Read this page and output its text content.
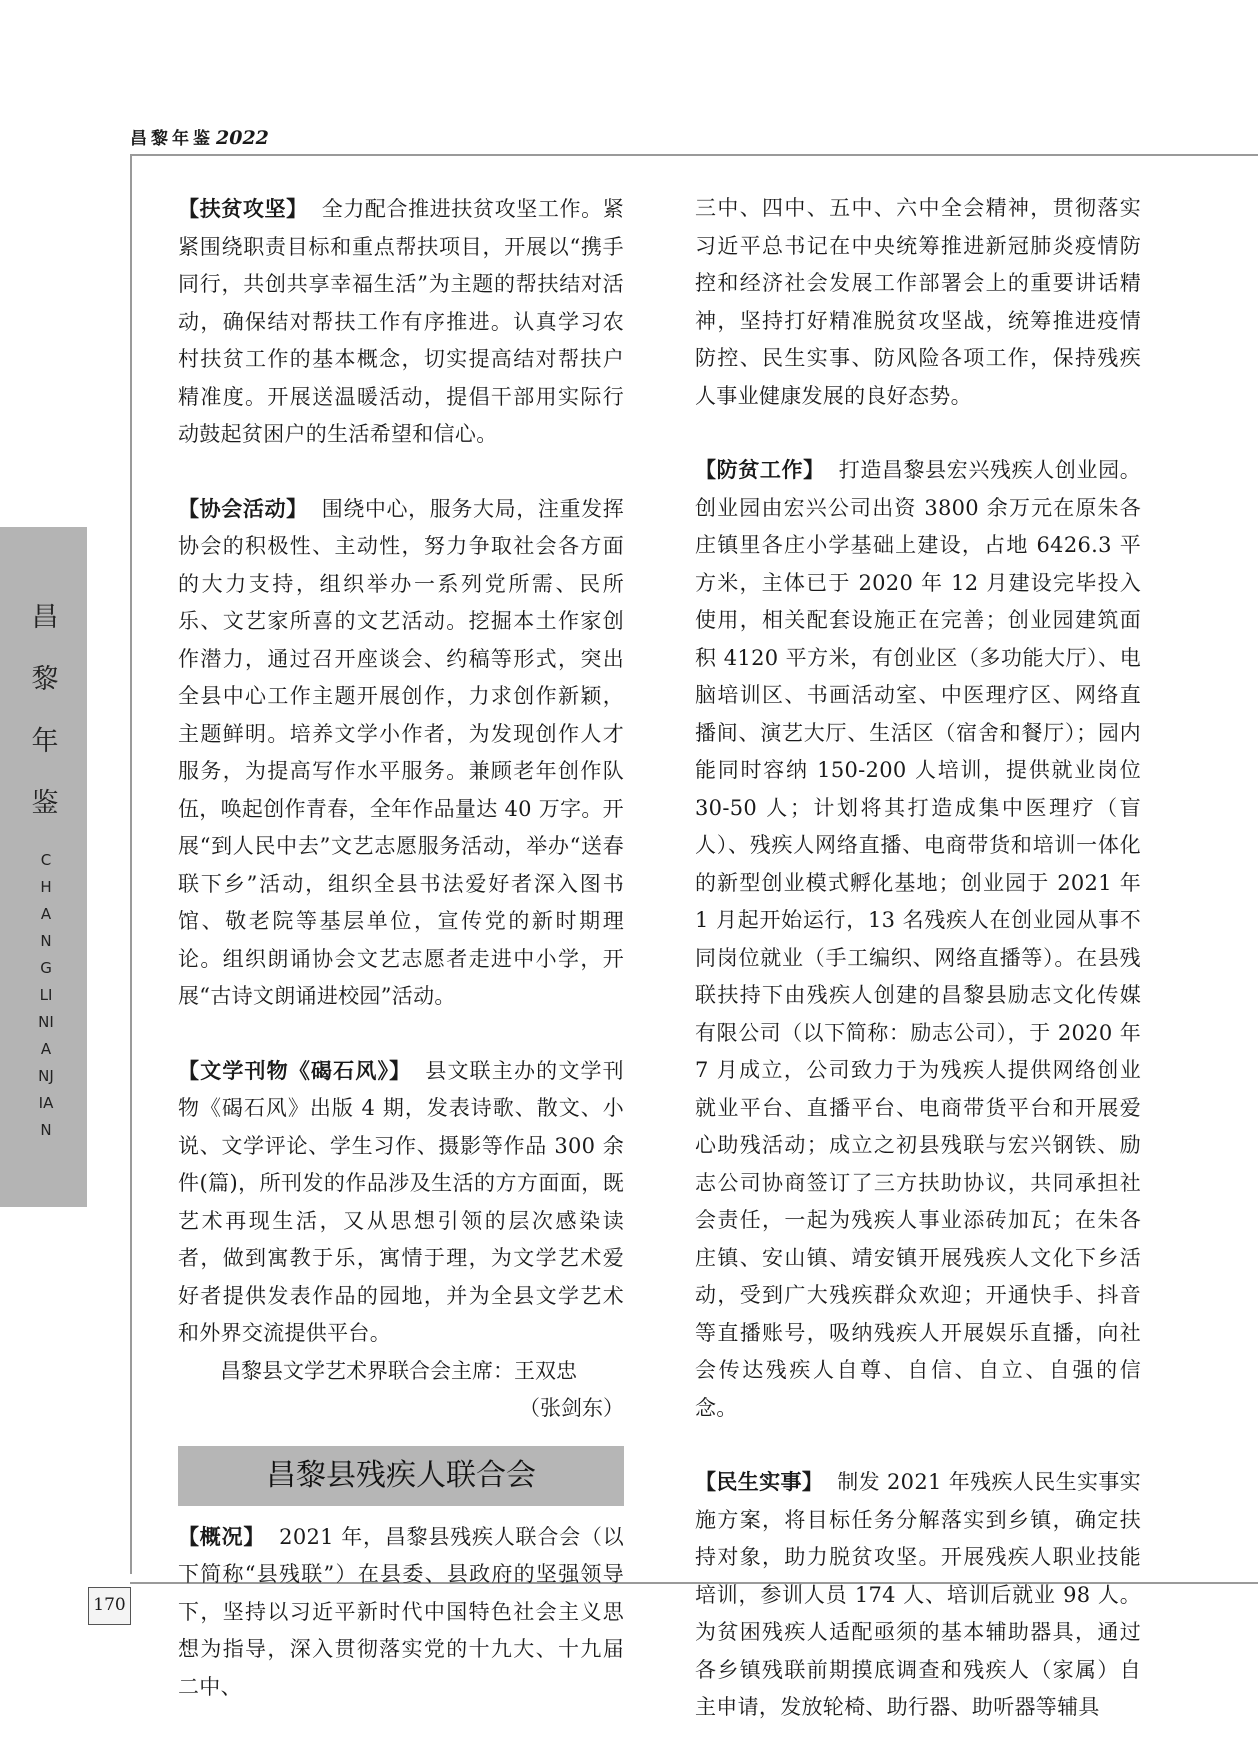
昌黎年鉴 2022
昌
黎
年
鉴
CHANGLINIANJIAN
170

【扶贫攻坚】 全力配合推进扶贫攻坚工作。紧紧围绕职责目标和重点帮扶项目，开展以“携手同行，共创共享幸福生活”为主题的帮扶结对活动，确保结对帮扶工作有序推进。认真学习农村扶贫工作的基本概念，切实提高结对帮扶户精准度。开展送温暖活动，提倡干部用实际行动鼓起贫困户的生活希望和信心。

【协会活动】 围绕中心，服务大局，注重发挥协会的积极性、主动性，努力争取社会各方面的大力支持，组织举办一系列党所需、民所乐、文艺家所喜的文艺活动。挖掘本土作家创作潜力，通过召开座谈会、约稿等形式，突出全县中心工作主题开展创作，力求创作新颖，主题鲜明。培养文学小作者，为发现创作人才服务，为提高写作水平服务。兼顾老年创作队伍，唤起创作青春，全年作品量达 40 万字。开展“到人民中去”文艺志愿服务活动，举办“送春联下乡”活动，组织全县书法爱好者深入图书馆、敬老院等基层单位，宣传党的新时期理论。组织朗诵协会文艺志愿者走进中小学，开展“古诗文朗诵进校园”活动。

【文学刊物《碣石风》】 县文联主办的文学刊物《碣石风》出版 4 期，发表诗歌、散文、小说、文学评论、学生习作、摄影等作品 300 余件(篇)，所刊发的作品涉及生活的方方面面，既艺术再现生活，又从思想引领的层次感染读者，做到寓教于乐，寓情于理，为文学艺术爱好者提供发表作品的园地，并为全县文学艺术和外界交流提供平台。

昌黎县文学艺术界联合会主席：王双忠

（张剑东）

昌黎县残疾人联合会

【概况】 2021 年，昌黎县残疾人联合会（以下简称“县残联”）在县委、县政府的坚强领导下，坚持以习近平新时代中国特色社会主义思想为指导，深入贯彻落实党的十九大、十九届二中、

三中、四中、五中、六中全会精神，贯彻落实习近平总书记在中央统筹推进新冠肺炎疫情防控和经济社会发展工作部署会上的重要讲话精神，坚持打好精准脱贫攻坚战，统筹推进疫情防控、民生实事、防风险各项工作，保持残疾人事业健康发展的良好态势。

【防贫工作】 打造昌黎县宏兴残疾人创业园。创业园由宏兴公司出资 3800 余万元在原朱各庄镇里各庄小学基础上建设，占地 6426.3 平方米，主体已于 2020 年 12 月建设完毕投入使用，相关配套设施正在完善；创业园建筑面积 4120 平方米，有创业区（多功能大厅）、电脑培训区、书画活动室、中医理疗区、网络直播间、演艺大厅、生活区（宿舍和餐厅）；园内能同时容纳 150-200 人培训，提供就业岗位 30-50 人；计划将其打造成集中医理疗（盲人）、残疾人网络直播、电商带货和培训一体化的新型创业模式孵化基地；创业园于 2021 年 1 月起开始运行，13 名残疾人在创业园从事不同岗位就业（手工编织、网络直播等）。在县残联扶持下由残疾人创建的昌黎县励志文化传媒有限公司（以下简称：励志公司），于 2020 年 7 月成立，公司致力于为残疾人提供网络创业就业平台、直播平台、电商带货平台和开展爱心助残活动；成立之初县残联与宏兴钢铁、励志公司协商签订了三方扶助协议，共同承担社会责任，一起为残疾人事业添砖加瓦；在朱各庄镇、安山镇、靖安镇开展残疾人文化下乡活动，受到广大残疾群众欢迎；开通快手、抖音等直播账号，吸纳残疾人开展娱乐直播，向社会传达残疾人自尊、自信、自立、自强的信念。

【民生实事】 制发 2021 年残疾人民生实事实施方案，将目标任务分解落实到乡镇，确定扶持对象，助力脱贫攻坚。开展残疾人职业技能培训，参训人员 174 人、培训后就业 98 人。为贫困残疾人适配亟须的基本辅助器具，通过各乡镇残联前期摸底调查和残疾人（家属）自主申请，发放轮椅、助行器、助听器等辅具
